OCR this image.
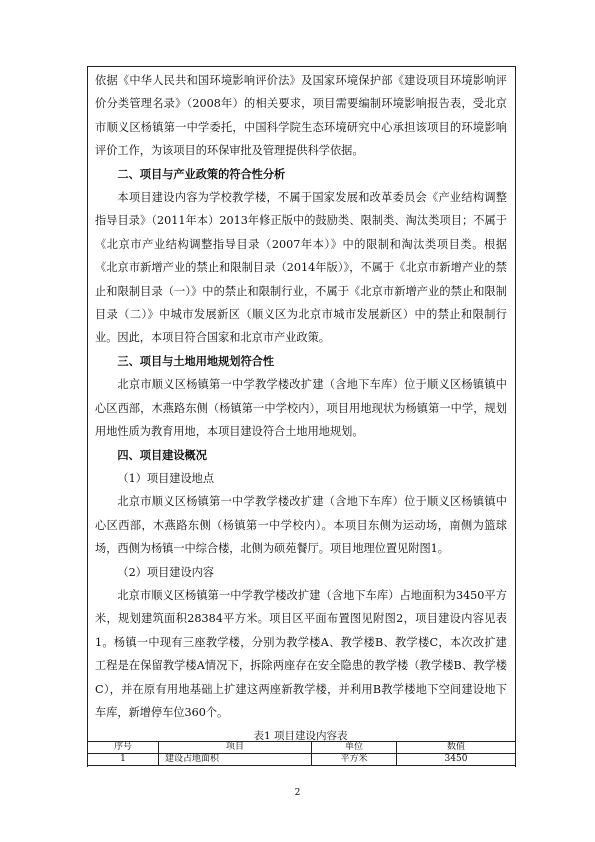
依据《中华人民共和国环境影响评价法》及国家环境保护部《建设项目环境影响评价分类管理名录》（2008年）的相关要求，项目需要编制环境影响报告表，受北京市顺义区杨镇第一中学委托，中国科学院生态环境研究中心承担该项目的环境影响评价工作，为该项目的环保审批及管理提供科学依据。

二、项目与产业政策的符合性分析

本项目建设内容为学校教学楼，不属于国家发展和改革委员会《产业结构调整指导目录》（2011年本）2013年修正版中的鼓励类、限制类、淘汰类项目；不属于《北京市产业结构调整指导目录（2007年本）》中的限制和淘汰类项目类。根据《北京市新增产业的禁止和限制目录（2014年版）》，不属于《北京市新增产业的禁止和限制目录（一）》中的禁止和限制行业，不属于《北京市新增产业的禁止和限制目录（二）》中城市发展新区（顺义区为北京市城市发展新区）中的禁止和限制行业。因此，本项目符合国家和北京市产业政策。

三、项目与土地用地规划符合性

北京市顺义区杨镇第一中学教学楼改扩建（含地下车库）位于顺义区杨镇镇中心区西部，木燕路东侧（杨镇第一中学校内），项目用地现状为杨镇第一中学，规划用地性质为教育用地，本项目建设符合土地用地规划。

四、项目建设概况

（1）项目建设地点

北京市顺义区杨镇第一中学教学楼改扩建（含地下车库）位于顺义区杨镇镇中心区西部，木燕路东侧（杨镇第一中学校内）。本项目东侧为运动场，南侧为篮球场，西侧为杨镇一中综合楼，北侧为硕苑餐厅。项目地理位置见附图1。

（2）项目建设内容

北京市顺义区杨镇第一中学教学楼改扩建（含地下车库）占地面积为3450平方米，规划建筑面积28384平方米。项目区平面布置图见附图2，项目建设内容见表1。杨镇一中现有三座教学楼，分别为教学楼A、教学楼B、教学楼C，本次改扩建工程是在保留教学楼A情况下，拆除两座存在安全隐患的教学楼（教学楼B、教学楼C），并在原有用地基础上扩建这两座新教学楼，并利用B教学楼地下空间建设地下车库，新增停车位360个。

表1 项目建设内容表
序号	项目	单位	数值
1	建设占地面积	平方米	3450
2
